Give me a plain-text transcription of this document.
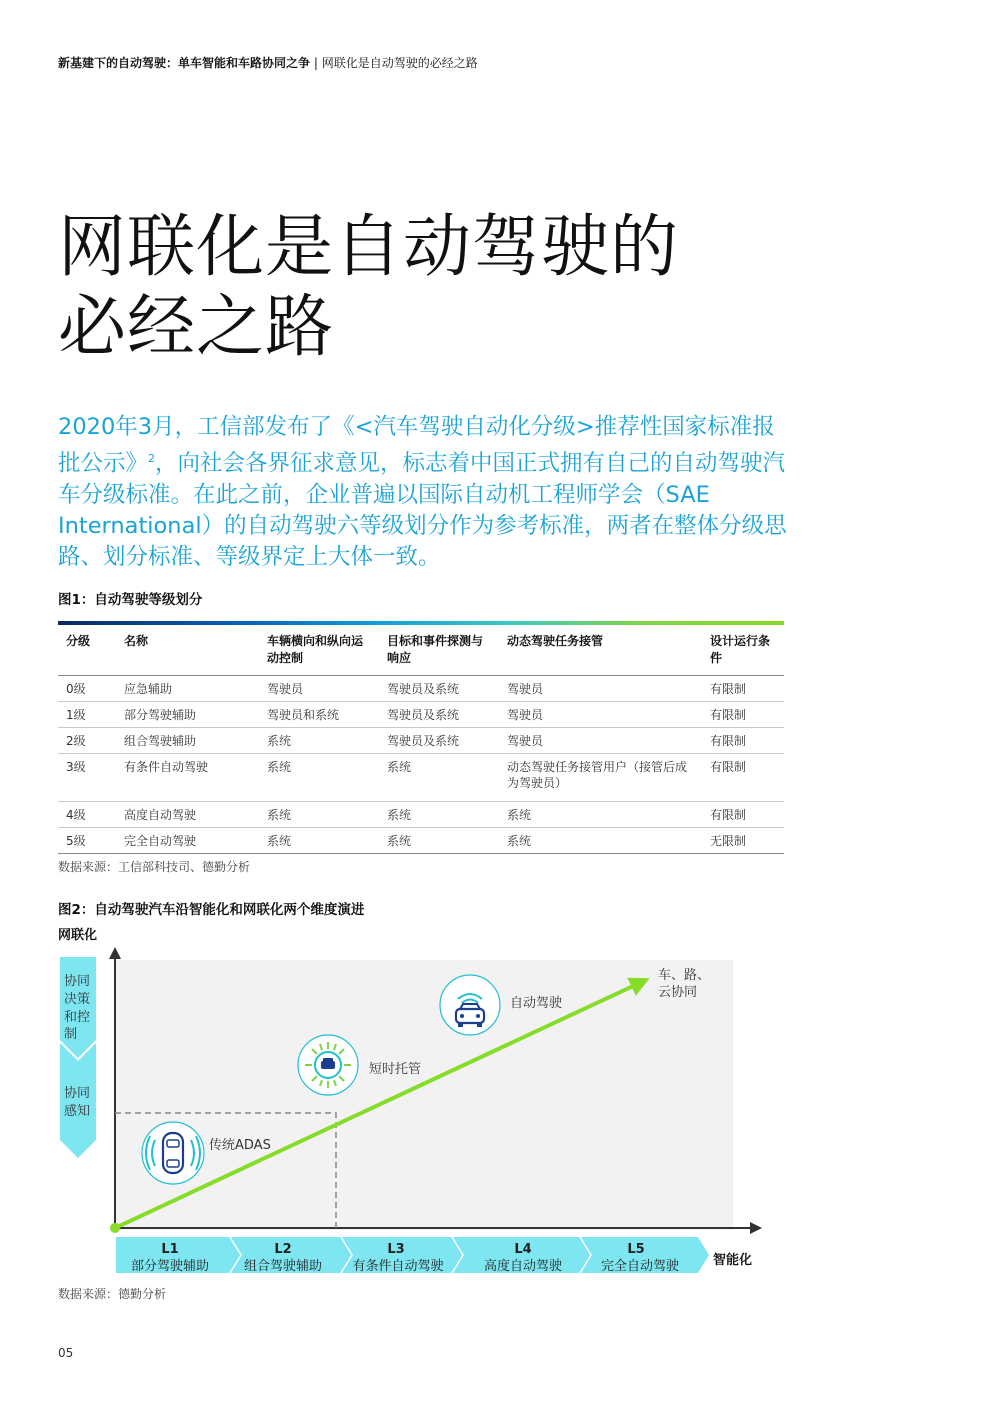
新基建下的自动驾驶：单车智能和车路协同之争 | 网联化是自动驾驶的必经之路
网联化是自动驾驶的
必经之路
2020年3月，工信部发布了《<汽车驾驶自动化分级>推荐性国家标准报批公示》$^2$，向社会各界征求意见，标志着中国正式拥有自己的自动驾驶汽车分级标准。在此之前，企业普遍以国际自动机工程师学会（SAE International）的自动驾驶六等级划分作为参考标准，两者在整体分级思路、划分标准、等级界定上大体一致。
图1：自动驾驶等级划分
分级	名称	车辆横向和纵向运动控制	目标和事件探测与响应	动态驾驶任务接管	设计运行条件
0级	应急辅助	驾驶员	驾驶员及系统	驾驶员	有限制
1级	部分驾驶辅助	驾驶员和系统	驾驶员及系统	驾驶员	有限制
2级	组合驾驶辅助	系统	驾驶员及系统	驾驶员	有限制
3级	有条件自动驾驶	系统	系统	动态驾驶任务接管用户（接管后成为驾驶员）	有限制
4级	高度自动驾驶	系统	系统	系统	有限制
5级	完全自动驾驶	系统	系统	系统	无限制
数据来源：工信部科技司、德勤分析
图2：自动驾驶汽车沿智能化和网联化两个维度演进
网联化
协同
决策
和控
制
协同
感知
传统ADAS
短时托管
自动驾驶
车、路、
云协同
L1
部分驾驶辅助
L2
组合驾驶辅助
L3
有条件自动驾驶
L4
高度自动驾驶
L5
完全自动驾驶	智能化
数据来源：德勤分析
05
